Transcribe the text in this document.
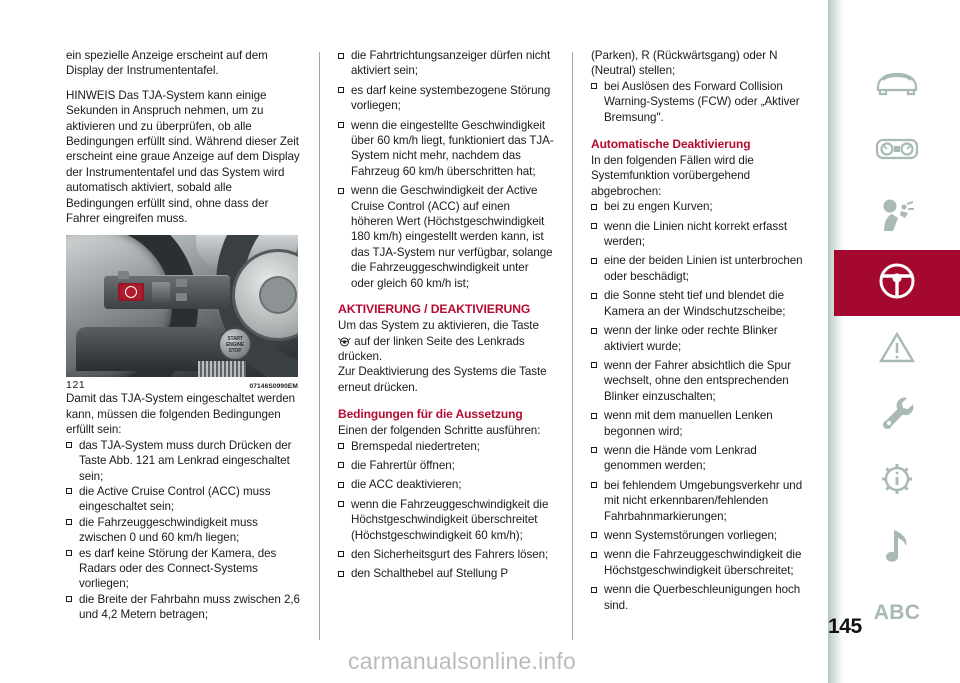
ein spezielle Anzeige erscheint auf dem Display der Instrumententafel.

HINWEIS Das TJA-System kann einige Sekunden in Anspruch nehmen, um zu aktivieren und zu überprüfen, ob alle Bedingungen erfüllt sind. Während dieser Zeit erscheint eine graue Anzeige auf dem Display der Instrumententafel und das System wird automatisch aktiviert, sobald alle Bedingungen erfüllt sind, ohne dass der Fahrer eingreifen muss.

START
ENGINE
STOP
121	07146S0990EM

Damit das TJA-System eingeschaltet werden kann, müssen die folgenden Bedingungen erfüllt sein:

das TJA-System muss durch Drücken der Taste Abb. 121 am Lenkrad eingeschaltet sein;
die Active Cruise Control (ACC) muss eingeschaltet sein;
die Fahrzeuggeschwindigkeit muss zwischen 0 und 60 km/h liegen;
es darf keine Störung der Kamera, des Radars oder des Connect-Systems vorliegen;
die Breite der Fahrbahn muss zwischen 2,6 und 4,2 Metern betragen;
die Fahrtrichtungsanzeiger dürfen nicht aktiviert sein;
es darf keine systembezogene Störung vorliegen;
wenn die eingestellte Geschwindigkeit über 60 km/h liegt, funktioniert das TJA-System nicht mehr, nachdem das Fahrzeug 60 km/h überschritten hat;
wenn die Geschwindigkeit der Active Cruise Control (ACC) auf einen höheren Wert (Höchstgeschwindigkeit 180 km/h) eingestellt werden kann, ist das TJA-System nur verfügbar, solange die Fahrzeuggeschwindigkeit unter oder gleich 60 km/h ist;
AKTIVIERUNG / DEAKTIVIERUNG

Um das System zu aktivieren, die Taste
auf der linken Seite des Lenkrads drücken.

Zur Deaktivierung des Systems die Taste erneut drücken.

Bedingungen für die Aussetzung

Einen der folgenden Schritte ausführen:

Bremspedal niedertreten;
die Fahrertür öffnen;
die ACC deaktivieren;
wenn die Fahrzeuggeschwindigkeit die Höchstgeschwindigkeit überschreitet (Höchstgeschwindigkeit 60 km/h);
den Sicherheitsgurt des Fahrers lösen;
den Schalthebel auf Stellung P

(Parken), R (Rückwärtsgang) oder N (Neutral) stellen;

bei Auslösen des Forward Collision Warning-Systems (FCW) oder „Aktiver Bremsung".
Automatische Deaktivierung

In den folgenden Fällen wird die Systemfunktion vorübergehend abgebrochen:

bei zu engen Kurven;
wenn die Linien nicht korrekt erfasst werden;
eine der beiden Linien ist unterbrochen oder beschädigt;
die Sonne steht tief und blendet die Kamera an der Windschutzscheibe;
wenn der linke oder rechte Blinker aktiviert wurde;
wenn der Fahrer absichtlich die Spur wechselt, ohne den entsprechenden Blinker einzuschalten;
wenn mit dem manuellen Lenken begonnen wird;
wenn die Hände vom Lenkrad genommen werden;
bei fehlendem Umgebungsverkehr und mit nicht erkennbaren/fehlenden Fahrbahnmarkierungen;
wenn Systemstörungen vorliegen;
wenn die Fahrzeuggeschwindigkeit die Höchstgeschwindigkeit überschreitet;
wenn die Querbeschleunigungen hoch sind.	ABC
145
carmanualsonline.info
